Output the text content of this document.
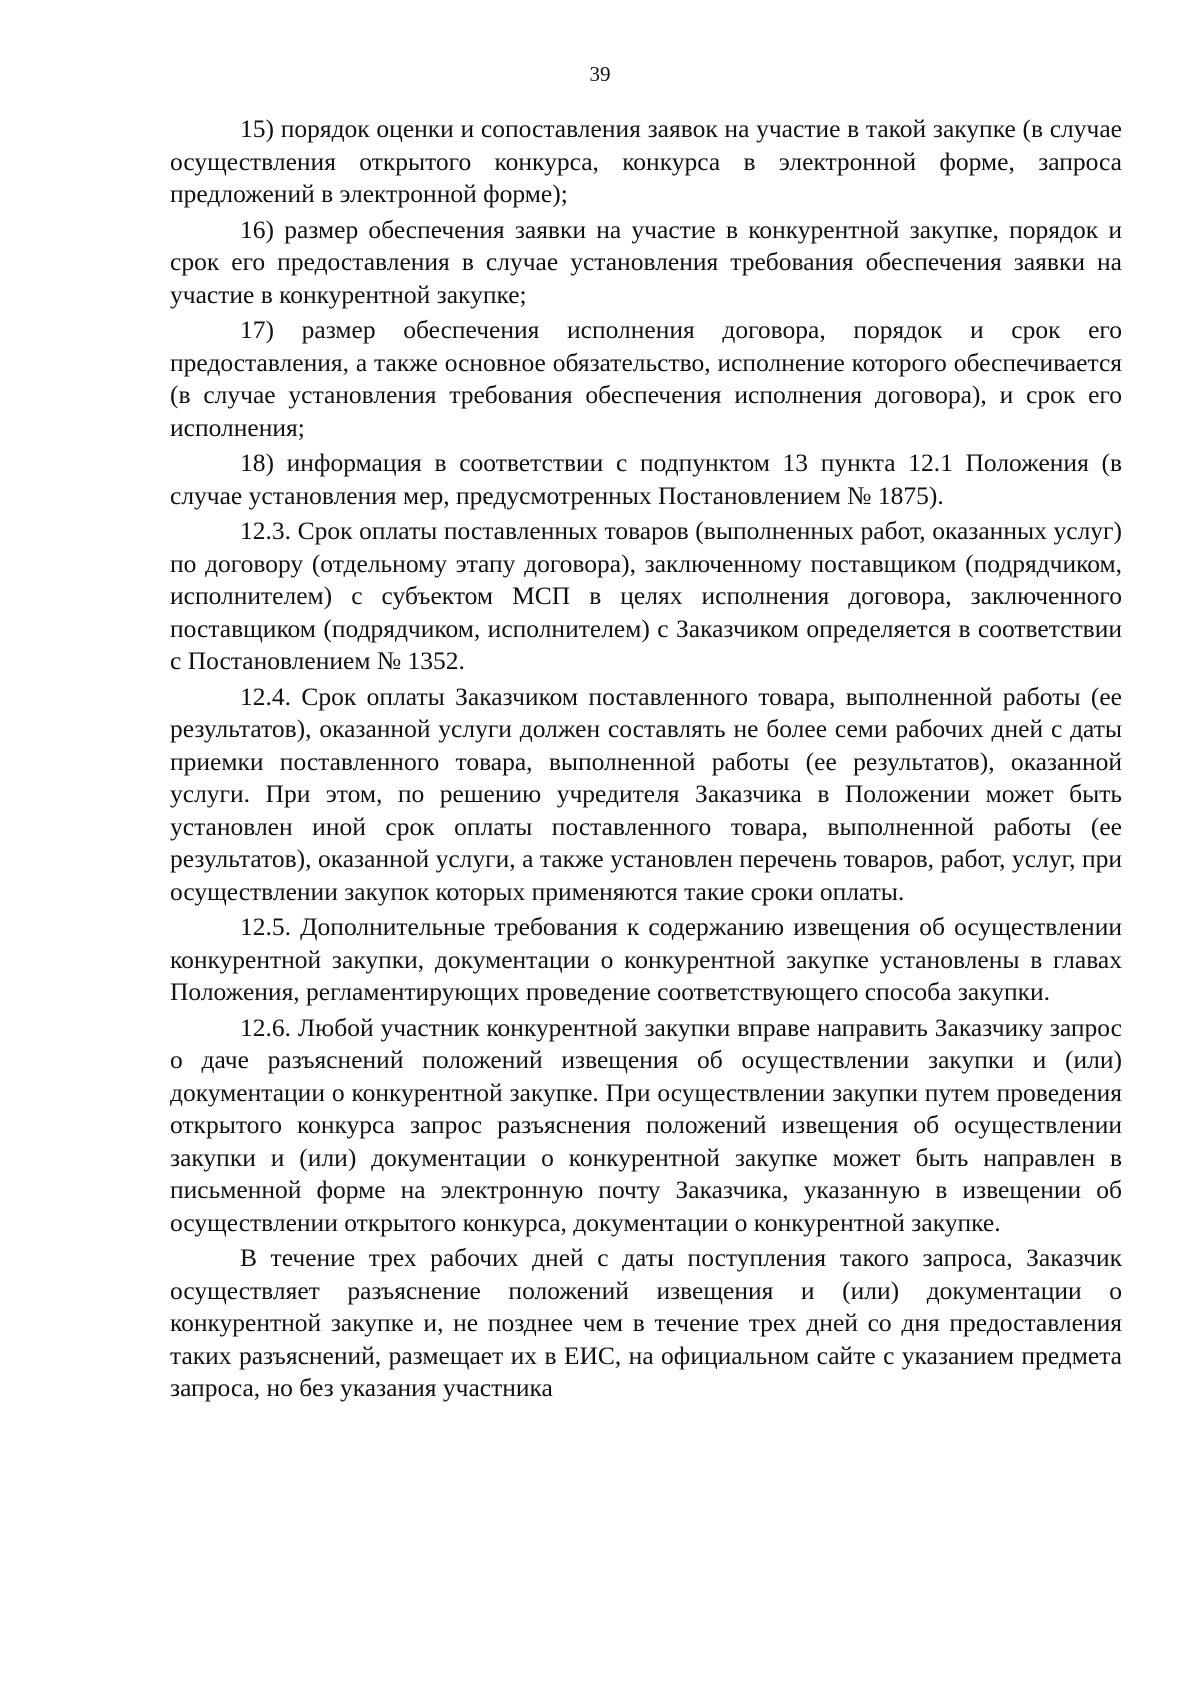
39

15) порядок оценки и сопоставления заявок на участие в такой закупке (в случае осуществления открытого конкурса, конкурса в электронной форме, запроса предложений в электронной форме);

16) размер обеспечения заявки на участие в конкурентной закупке, порядок и срок его предоставления в случае установления требования обеспечения заявки на участие в конкурентной закупке;

17) размер обеспечения исполнения договора, порядок и срок его предоставления, а также основное обязательство, исполнение которого обеспечивается (в случае установления требования обеспечения исполнения договора), и срок его исполнения;

18) информация в соответствии с подпунктом 13 пункта 12.1 Положения (в случае установления мер, предусмотренных Постановлением № 1875).

12.3. Срок оплаты поставленных товаров (выполненных работ, оказанных услуг) по договору (отдельному этапу договора), заключенному поставщиком (подрядчиком, исполнителем) с субъектом МСП в целях исполнения договора, заключенного поставщиком (подрядчиком, исполнителем) с Заказчиком определяется в соответствии с Постановлением № 1352.

12.4. Срок оплаты Заказчиком поставленного товара, выполненной работы (ее результатов), оказанной услуги должен составлять не более семи рабочих дней с даты приемки поставленного товара, выполненной работы (ее результатов), оказанной услуги. При этом, по решению учредителя Заказчика в Положении может быть установлен иной срок оплаты поставленного товара, выполненной работы (ее результатов), оказанной услуги, а также установлен перечень товаров, работ, услуг, при осуществлении закупок которых применяются такие сроки оплаты.

12.5. Дополнительные требования к содержанию извещения об осуществлении конкурентной закупки, документации о конкурентной закупке установлены в главах Положения, регламентирующих проведение соответствующего способа закупки.

12.6. Любой участник конкурентной закупки вправе направить Заказчику запрос о даче разъяснений положений извещения об осуществлении закупки и (или) документации о конкурентной закупке. При осуществлении закупки путем проведения открытого конкурса запрос разъяснения положений извещения об осуществлении закупки и (или) документации о конкурентной закупке может быть направлен в письменной форме на электронную почту Заказчика, указанную в извещении об осуществлении открытого конкурса, документации о конкурентной закупке.

В течение трех рабочих дней с даты поступления такого запроса, Заказчик осуществляет разъяснение положений извещения и (или) документации о конкурентной закупке и, не позднее чем в течение трех дней со дня предоставления таких разъяснений, размещает их в ЕИС, на официальном сайте с указанием предмета запроса, но без указания участника
